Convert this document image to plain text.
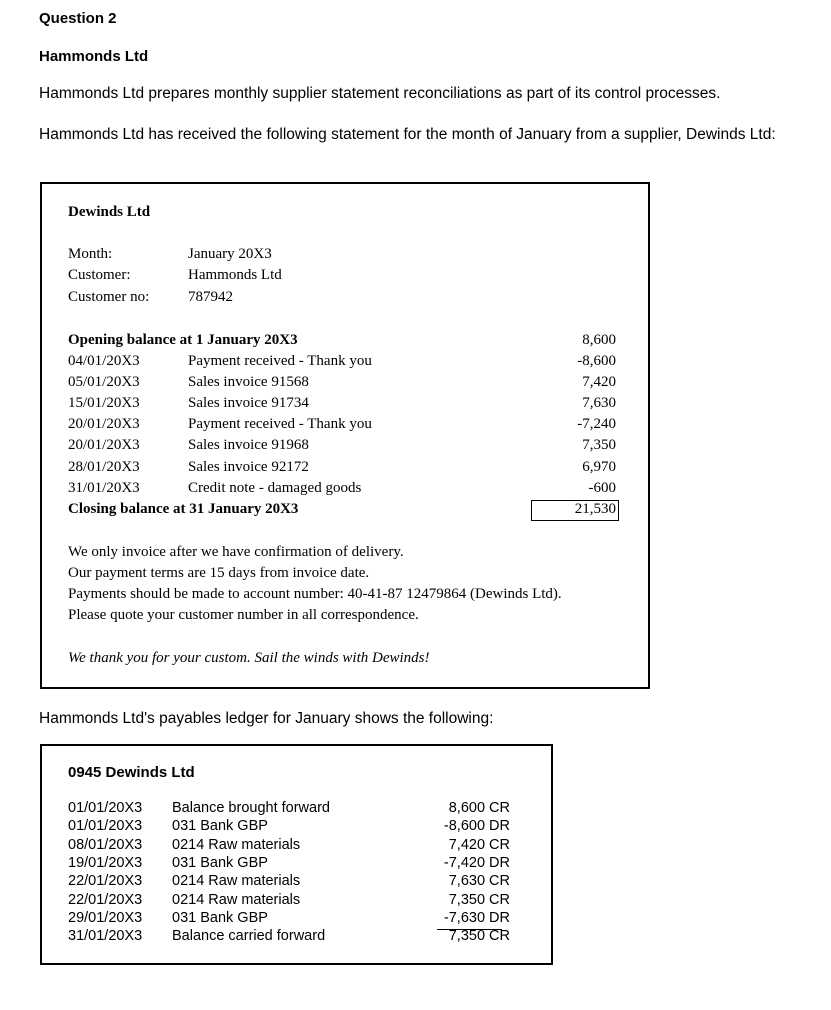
Question 2
Hammonds Ltd
Hammonds Ltd prepares monthly supplier statement reconciliations as part of its control processes.
Hammonds Ltd has received the following statement for the month of January from a supplier, Dewinds Ltd:
Dewinds Ltd
Month:	January 20X3
Customer:	Hammonds Ltd
Customer no:	787942
Opening balance at 1 January 20X3	8,600
04/01/20X3	Payment received - Thank you	-8,600
05/01/20X3	Sales invoice 91568	7,420
15/01/20X3	Sales invoice 91734	7,630
20/01/20X3	Payment received - Thank you	-7,240
20/01/20X3	Sales invoice 91968	7,350
28/01/20X3	Sales invoice 92172	6,970
31/01/20X3	Credit note - damaged goods	-600
Closing balance at 31 January 20X3	21,530
We only invoice after we have confirmation of delivery.
Our payment terms are 15 days from invoice date.
Payments should be made to account number: 40-41-87 12479864 (Dewinds Ltd).
Please quote your customer number in all correspondence.
We thank you for your custom. Sail the winds with Dewinds!
Hammonds Ltd's payables ledger for January shows the following:
0945 Dewinds Ltd
01/01/20X3 Balance brought forward	8,600 CR
01/01/20X3 031 Bank GBP	-8,600 DR
08/01/20X3 0214 Raw materials	7,420 CR
19/01/20X3 031 Bank GBP	-7,420 DR
22/01/20X3 0214 Raw materials	7,630 CR
22/01/20X3 0214 Raw materials	7,350 CR
29/01/20X3 031 Bank GBP	-7,630 DR
31/01/20X3 Balance carried forward	7,350 CR
